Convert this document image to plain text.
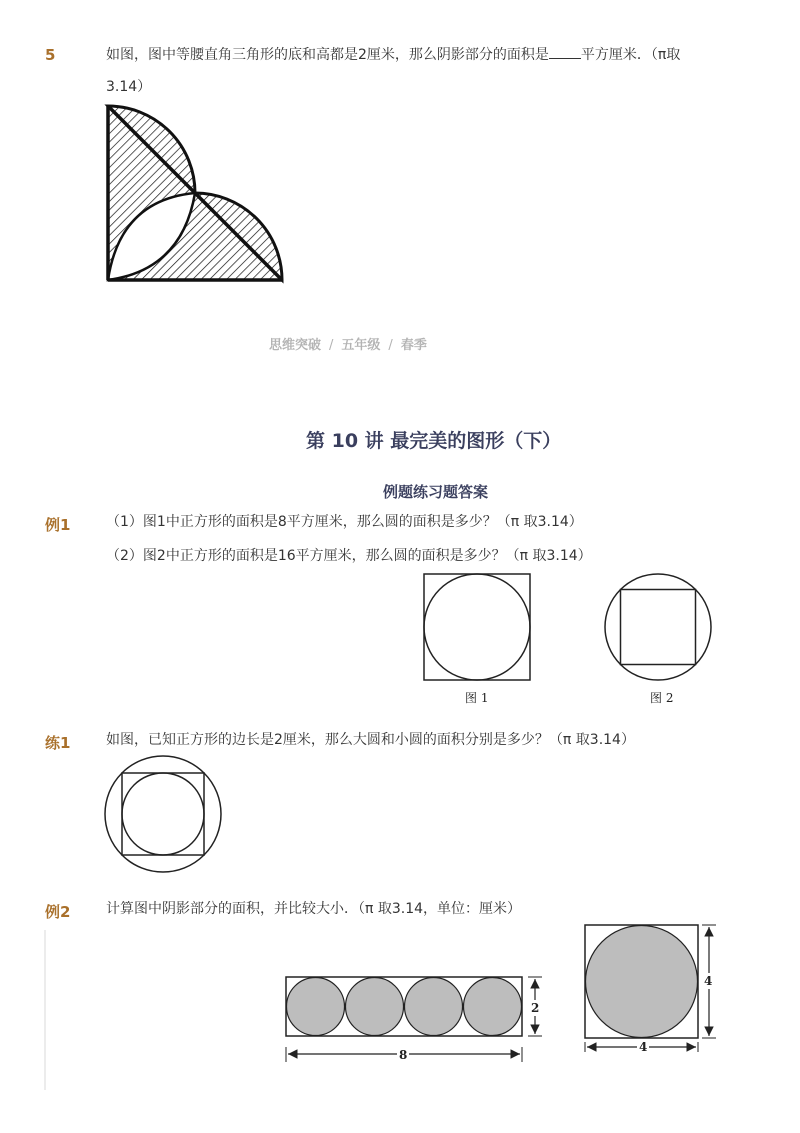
5	如图，图中等腰直角三角形的底和高都是2厘米，那么阴影部分的面积是 平方厘米．（π取
3.14）
思维突破 / 五年级 / 春季
第 10 讲 最完美的图形（下）
例题练习题答案
例1	（1）图1中正方形的面积是8平方厘米，那么圆的面积是多少？（π 取3.14）
（2）图2中正方形的面积是16平方厘米，那么圆的面积是多少？（π 取3.14）
图 1	图 2
练1	如图，已知正方形的边长是2厘米，那么大圆和小圆的面积分别是多少？（π 取3.14）
例2	计算图中阴影部分的面积，并比较大小．（π 取3.14，单位：厘米）
8
2
4
4
